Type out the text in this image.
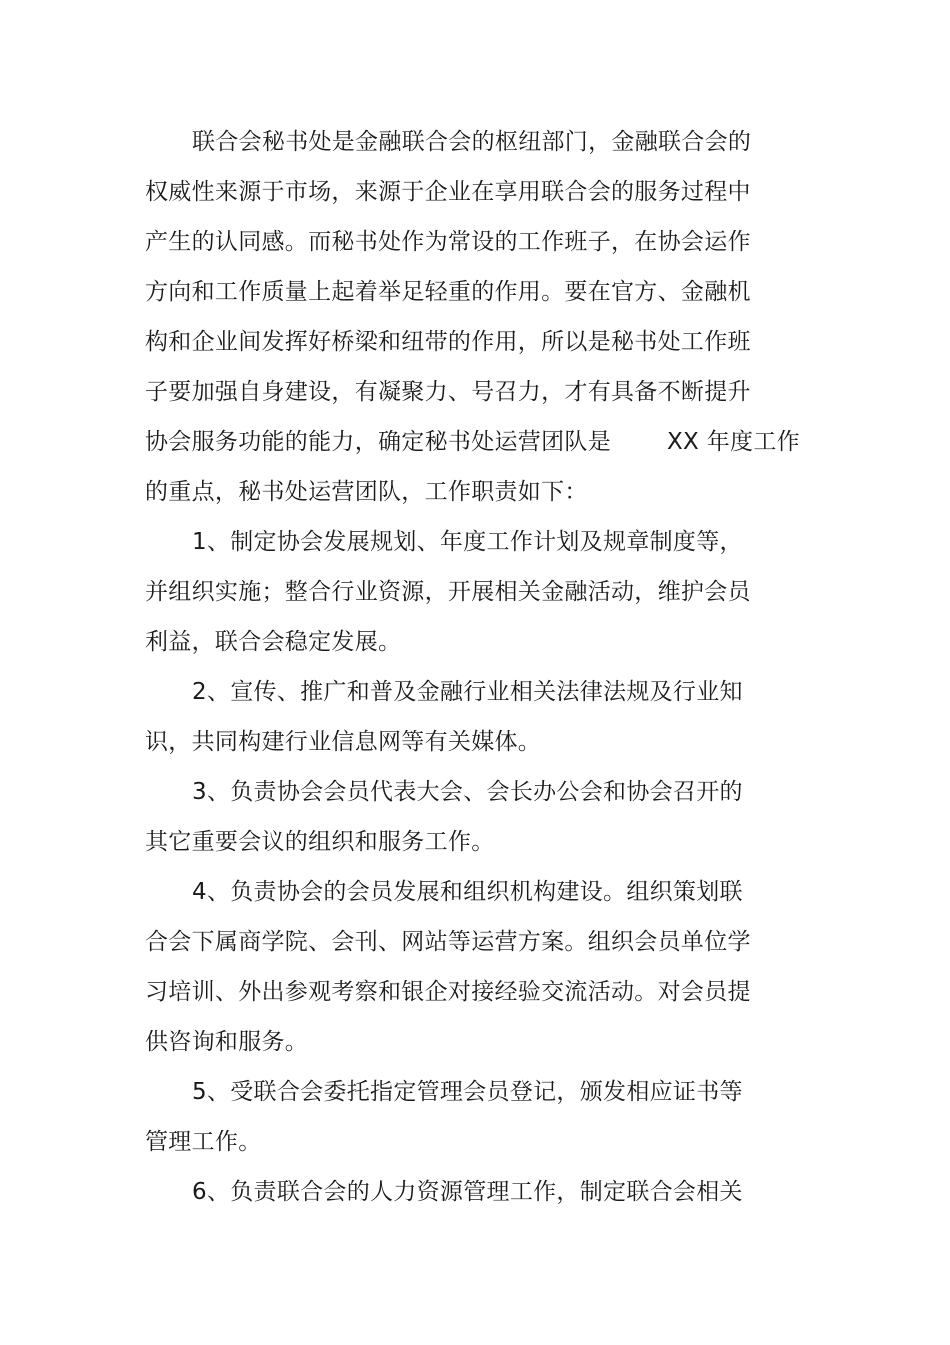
联合会秘书处是金融联合会的枢纽部门，金融联合会的
权威性来源于市场，来源于企业在享用联合会的服务过程中
产生的认同感。而秘书处作为常设的工作班子，在协会运作
方向和工作质量上起着举足轻重的作用。要在官方、金融机
构和企业间发挥好桥梁和纽带的作用，所以是秘书处工作班
子要加强自身建设，有凝聚力、号召力，才有具备不断提升
协会服务功能的能力，确定秘书处运营团队是 XX 年度工作
的重点，秘书处运营团队，工作职责如下：
1、制定协会发展规划、年度工作计划及规章制度等，
并组织实施；整合行业资源，开展相关金融活动，维护会员
利益，联合会稳定发展。
2、宣传、推广和普及金融行业相关法律法规及行业知
识，共同构建行业信息网等有关媒体。
3、负责协会会员代表大会、会长办公会和协会召开的
其它重要会议的组织和服务工作。
4、负责协会的会员发展和组织机构建设。组织策划联
合会下属商学院、会刊、网站等运营方案。组织会员单位学
习培训、外出参观考察和银企对接经验交流活动。对会员提
供咨询和服务。
5、受联合会委托指定管理会员登记，颁发相应证书等
管理工作。
6、负责联合会的人力资源管理工作，制定联合会相关
